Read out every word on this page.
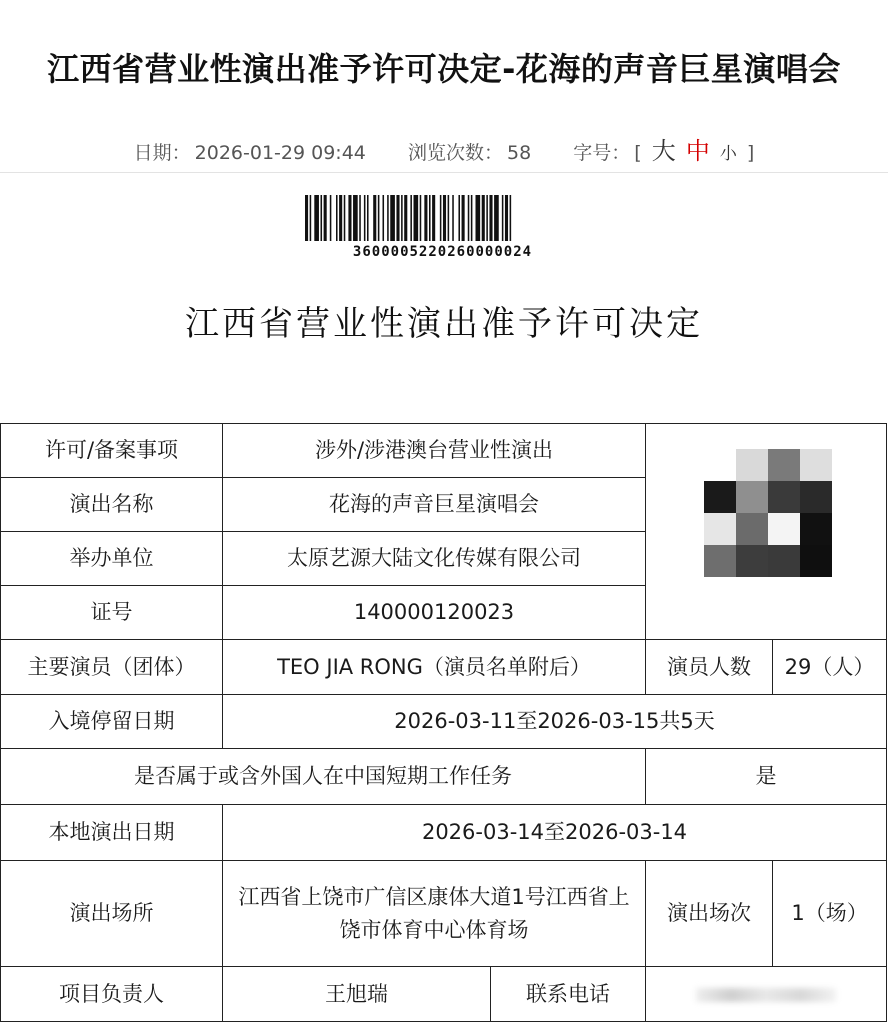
江西省营业性演出准予许可决定-花海的声音巨星演唱会
日期： 2026-01-29 09:44 浏览次数： 58 字号： [ 大 中 小 ]
3600005220260000024
江西省营业性演出准予许可决定
许可/备案事项	涉外/涉港澳台营业性演出			

演出名称	花海的声音巨星演唱会			
举办单位	太原艺源大陆文化传媒有限公司			
证号	140000120023			
主要演员（团体）	TEO JIA RONG（演员名单附后）		演员人数	29（人）
入境停留日期	2026-03-11至2026-03-15共5天			
是否属于或含外国人在中国短期工作任务			是	
本地演出日期	2026-03-14至2026-03-14			
演出场所	江西省上饶市广信区康体大道1号江西省上饶市体育中心体育场		演出场次	1（场）
项目负责人	王旭瑞	联系电话		
